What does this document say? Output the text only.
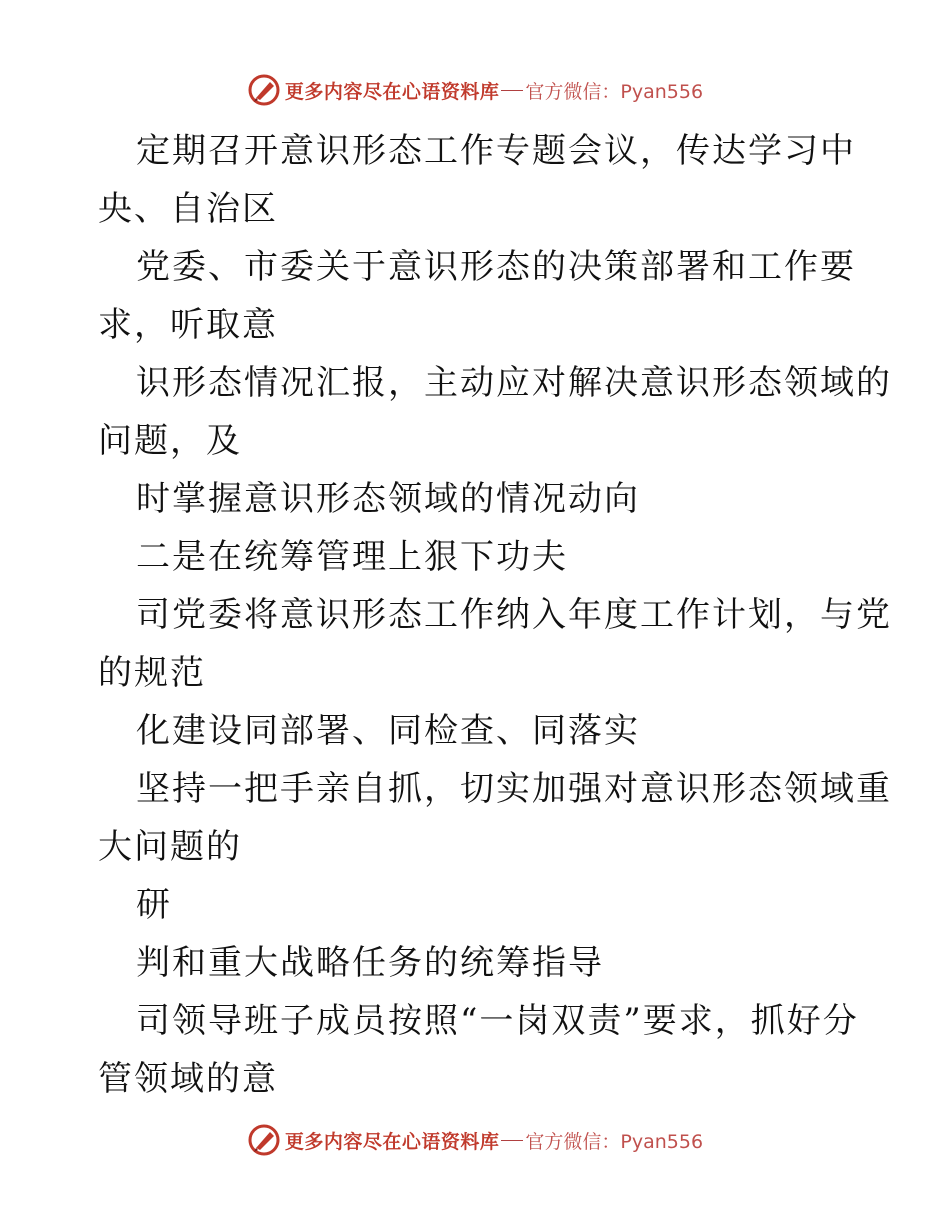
更多内容尽在心语资料库 官方微信：Pyan556

定期召开意识形态工作专题会议，传达学习中

央、自治区

党委、市委关于意识形态的决策部署和工作要

求，听取意

识形态情况汇报，主动应对解决意识形态领域的

问题，及

时掌握意识形态领域的情况动向

二是在统筹管理上狠下功夫

司党委将意识形态工作纳入年度工作计划，与党

的规范

化建设同部署、同检查、同落实

坚持一把手亲自抓，切实加强对意识形态领域重

大问题的

研

判和重大战略任务的统筹指导

司领导班子成员按照“一岗双责”要求，抓好分

管领域的意

更多内容尽在心语资料库 官方微信：Pyan556
